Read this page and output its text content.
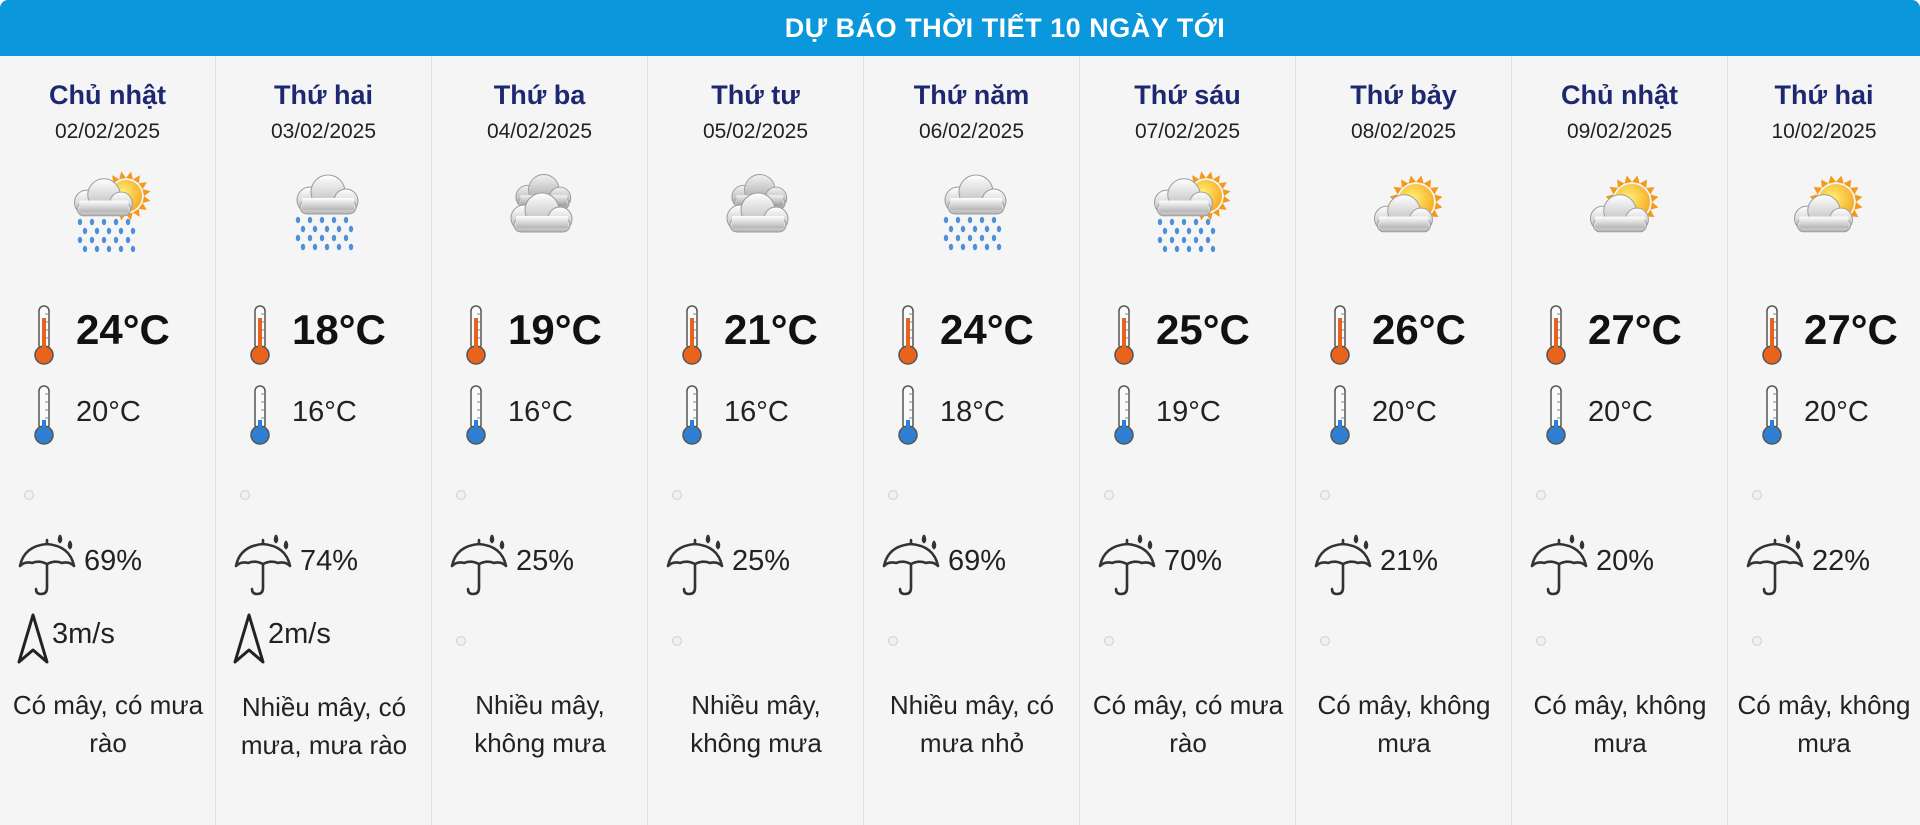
DỰ BÁO THỜI TIẾT 10 NGÀY TỚI
Chủ nhật
02/02/2025
24°C
20°C
69%
3m/s
Có mây, có mưa rào
Thứ hai
03/02/2025
18°C
16°C
74%
2m/s
Nhiều mây, có mưa, mưa rào
Thứ ba
04/02/2025
19°C
16°C
25%
Nhiều mây, không mưa
Thứ tư
05/02/2025
21°C
16°C
25%
Nhiều mây, không mưa
Thứ năm
06/02/2025
24°C
18°C
69%
Nhiều mây, có mưa nhỏ
Thứ sáu
07/02/2025
25°C
19°C
70%
Có mây, có mưa rào
Thứ bảy
08/02/2025
26°C
20°C
21%
Có mây, không mưa
Chủ nhật
09/02/2025
27°C
20°C
20%
Có mây, không mưa
Thứ hai
10/02/2025
27°C
20°C
22%
Có mây, không mưa
